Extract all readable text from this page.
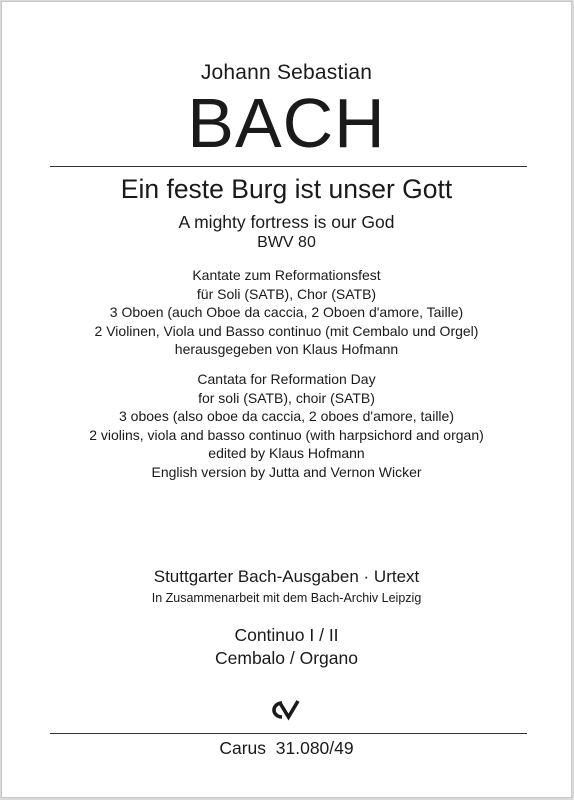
Johann Sebastian
BACH
Ein feste Burg ist unser Gott
A mighty fortress is our God
BWV 80
Kantate zum Reformationsfest
für Soli (SATB), Chor (SATB)
3 Oboen (auch Oboe da caccia, 2 Oboen d'amore, Taille)
2 Violinen, Viola und Basso continuo (mit Cembalo und Orgel)
herausgegeben von Klaus Hofmann
Cantata for Reformation Day
for soli (SATB), choir (SATB)
3 oboes (also oboe da caccia, 2 oboes d'amore, taille)
2 violins, viola and basso continuo (with harpsichord and organ)
edited by Klaus Hofmann
English version by Jutta and Vernon Wicker
Stuttgarter Bach-Ausgaben · Urtext
In Zusammenarbeit mit dem Bach-Archiv Leipzig
Continuo I / II
Cembalo / Organo
Carus  31.080/49
